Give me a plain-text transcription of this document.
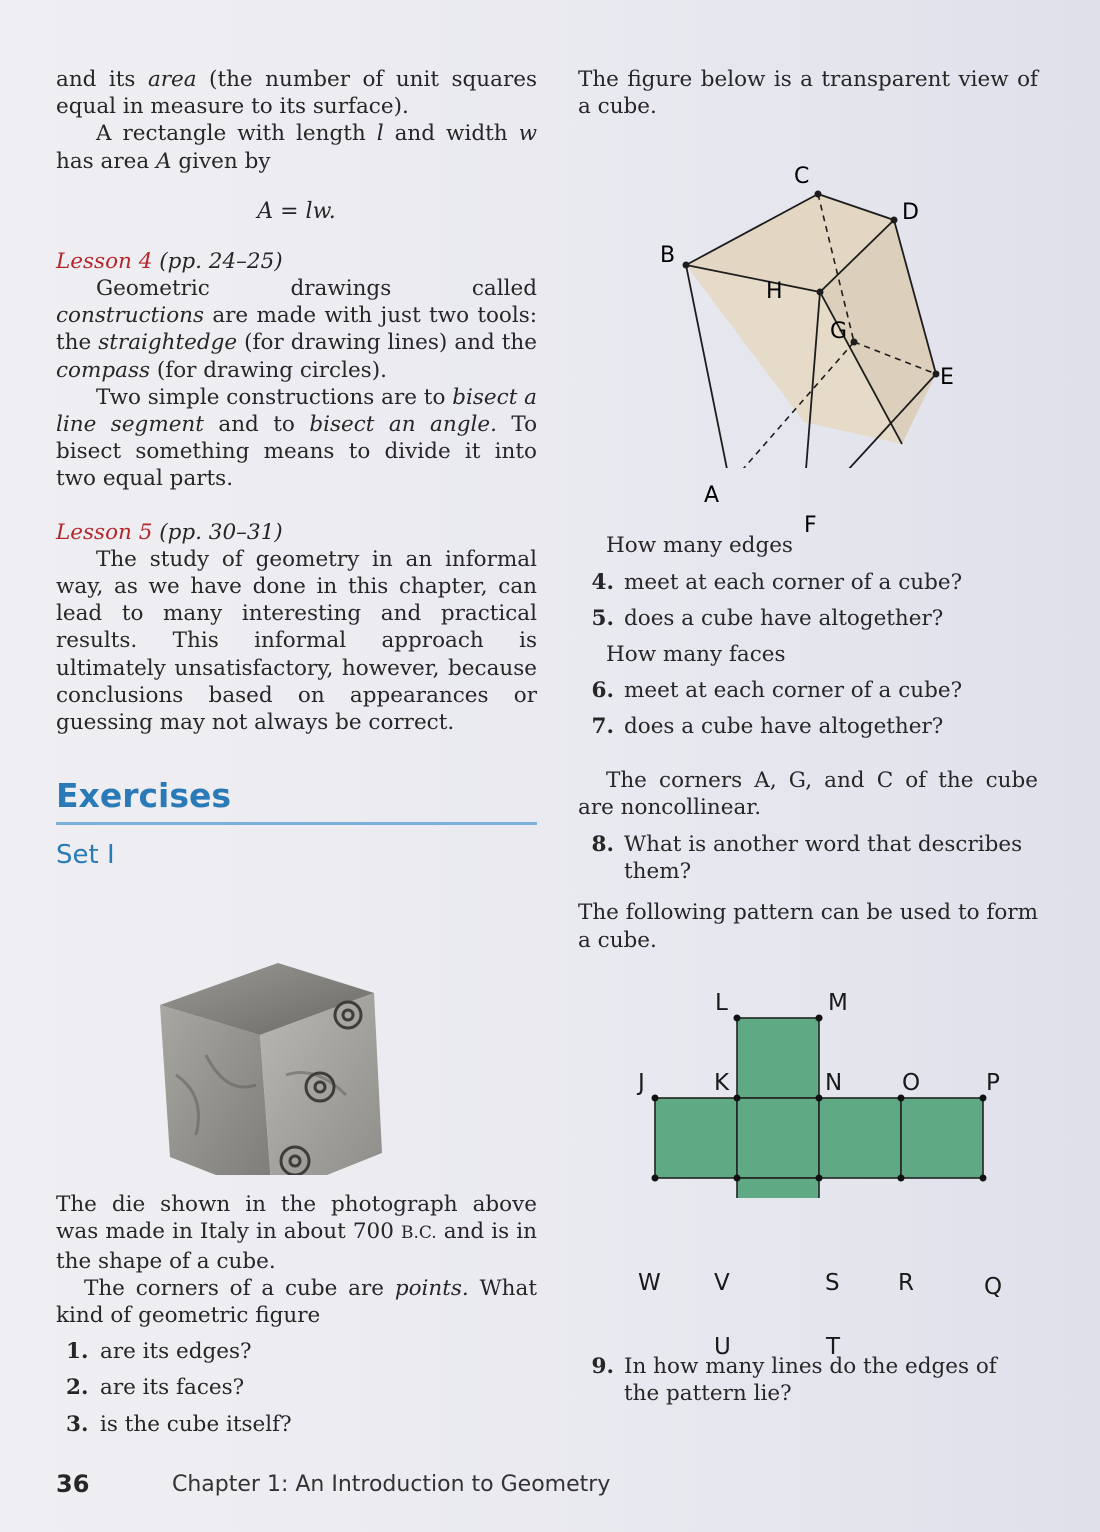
and its area (the number of unit squares equal in measure to its surface).

A rectangle with length l and width w has area A given by

A = lw.
Lesson 4 (pp. 24–25)

Geometric drawings called constructions are made with just two tools: the straightedge (for drawing lines) and the compass (for drawing circles).

Two simple constructions are to bisect a line segment and to bisect an angle. To bisect something means to divide it into two equal parts.

Lesson 5 (pp. 30–31)

The study of geometry in an informal way, as we have done in this chapter, can lead to many interesting and practical results. This informal approach is ultimately unsatisfactory, however, because conclusions based on appearances or guessing may not always be correct.

Exercises
Set I

The die shown in the photograph above was made in Italy in about 700 B.C. and is in the shape of a cube.

The corners of a cube are points. What kind of geometric figure

1. are its edges?
2. are its faces?
3. is the cube itself?

The figure below is a transparent view of a cube.

B
C
D
H
G
E
A
F
How many edges
4. meet at each corner of a cube?
5. does a cube have altogether?
How many faces
6. meet at each corner of a cube?
7. does a cube have altogether?

The corners A, G, and C of the cube are noncollinear.

8. What is another word that describes them?

The following pattern can be used to form a cube.

L	M
J	K	N	O	P
W V	S	R	Q
U	T
9. In how many lines do the edges of the pattern lie?
36	Chapter 1: An Introduction to Geometry
